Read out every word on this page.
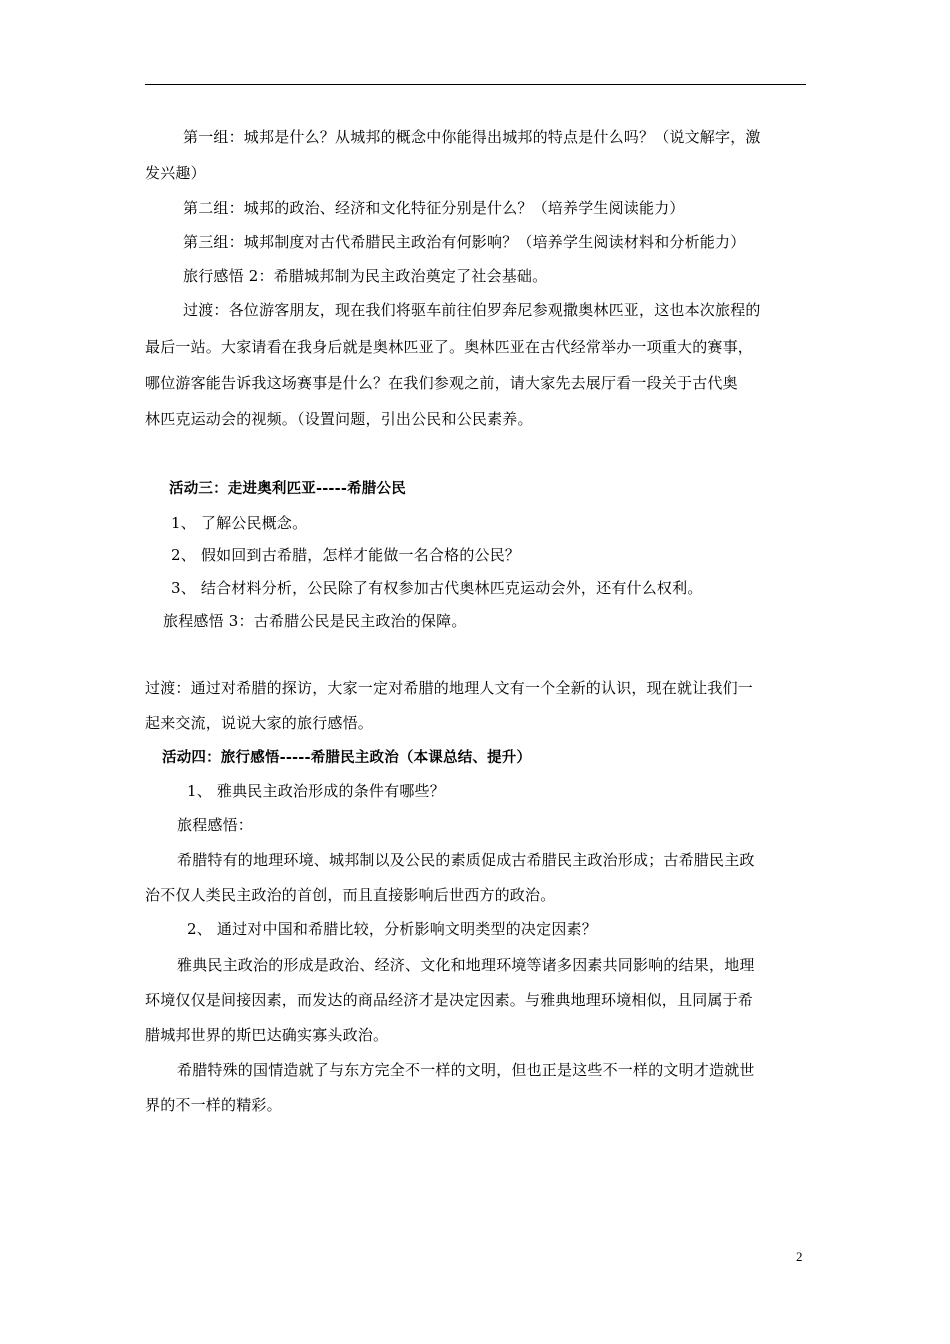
第一组：城邦是什么？从城邦的概念中你能得出城邦的特点是什么吗？（说文解字，激
发兴趣）
第二组：城邦的政治、经济和文化特征分别是什么？（培养学生阅读能力）
第三组：城邦制度对古代希腊民主政治有何影响？（培养学生阅读材料和分析能力）
旅行感悟 2：希腊城邦制为民主政治奠定了社会基础。
过渡：各位游客朋友，现在我们将驱车前往伯罗奔尼参观撒奥林匹亚，这也本次旅程的
最后一站。大家请看在我身后就是奥林匹亚了。奥林匹亚在古代经常举办一项重大的赛事，
哪位游客能告诉我这场赛事是什么？在我们参观之前，请大家先去展厅看一段关于古代奥
林匹克运动会的视频。（设置问题，引出公民和公民素养。
活动三：走进奥利匹亚-----希腊公民
1、 了解公民概念。
2、 假如回到古希腊，怎样才能做一名合格的公民？
3、 结合材料分析，公民除了有权参加古代奥林匹克运动会外，还有什么权利。
旅程感悟 3：古希腊公民是民主政治的保障。
过渡：通过对希腊的探访，大家一定对希腊的地理人文有一个全新的认识，现在就让我们一
起来交流，说说大家的旅行感悟。
活动四：旅行感悟-----希腊民主政治（本课总结、提升）
1、 雅典民主政治形成的条件有哪些？
旅程感悟：
希腊特有的地理环境、城邦制以及公民的素质促成古希腊民主政治形成；古希腊民主政
治不仅人类民主政治的首创，而且直接影响后世西方的政治。
2、 通过对中国和希腊比较，分析影响文明类型的决定因素？
雅典民主政治的形成是政治、经济、文化和地理环境等诸多因素共同影响的结果，地理
环境仅仅是间接因素，而发达的商品经济才是决定因素。与雅典地理环境相似，且同属于希
腊城邦世界的斯巴达确实寡头政治。
希腊特殊的国情造就了与东方完全不一样的文明，但也正是这些不一样的文明才造就世
界的不一样的精彩。
2
